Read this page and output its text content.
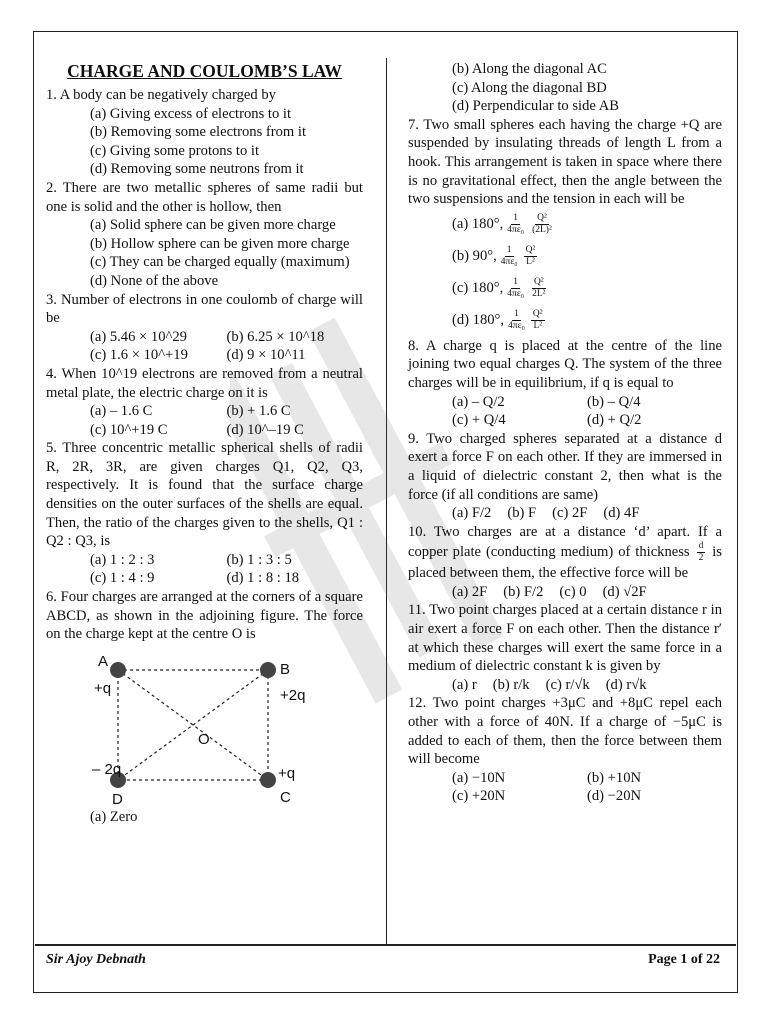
CHARGE AND COULOMB’S LAW

1. A body can be negatively charged by

(a) Giving excess of electrons to it

(b) Removing some electrons from it

(c) Giving some protons to it

(d) Removing some neutrons from it

2. There are two metallic spheres of same radii but one is solid and the other is hollow, then

(a) Solid sphere can be given more charge

(b) Hollow sphere can be given more charge

(c) They can be charged equally (maximum)

(d) None of the above

3. Number of electrons in one coulomb of charge will be

(a) 5.46 × 10^29	(b) 6.25 × 10^18
(c) 1.6 × 10^+19	(d) 9 × 10^11

4. When 10^19 electrons are removed from a neutral metal plate, the electric charge on it is

(a) – 1.6 C	(b) + 1.6 C
(c) 10^+19 C	(d) 10^–19 C

5. Three concentric metallic spherical shells of radii R, 2R, 3R, are given charges Q1, Q2, Q3, respectively. It is found that the surface charge densities on the outer surfaces of the shells are equal. Then, the ratio of the charges given to the shells, Q1 : Q2 : Q3, is

(a) 1 : 2 : 3	(b) 1 : 3 : 5
(c) 1 : 4 : 9	(d) 1 : 8 : 18

6. Four charges are arranged at the corners of a square ABCD, as shown in the adjoining figure. The force on the charge kept at the centre O is

A
+q
B
+2q
O
– 2q
D
+q
C

(a) Zero

(b) Along the diagonal AC

(c) Along the diagonal BD

(d) Perpendicular to side AB

7. Two small spheres each having the charge +Q are suspended by insulating threads of length L from a hook. This arrangement is taken in space where there is no gravitational effect, then the angle between the two suspensions and the tension in each will be

(a) 180°, $\frac{1}{\text{4πε₀}} \frac{\text{Q²}}{\text{(2L)²}}$
(b) 90°, $\frac{1}{\text{4πε₀}} \frac{\text{Q²}}{\text{L²}}$
(c) 180°, $\frac{1}{\text{4πε₀}} \frac{\text{Q²}}{\text{2L²}}$
(d) 180°, $\frac{1}{\text{4πε₀}} \frac{\text{Q²}}{\text{L²}}$

8. A charge q is placed at the centre of the line joining two equal charges Q. The system of the three charges will be in equilibrium, if q is equal to

(a) – Q/2	(b) – Q/4
(c) + Q/4	(d) + Q/2

9. Two charged spheres separated at a distance d exert a force F on each other. If they are immersed in a liquid of dielectric constant 2, then what is the force (if all conditions are same)

(a) F/2 (b) F (c) 2F (d) 4F

10. Two charges are at a distance ‘d’ apart. If a copper plate (conducting medium) of thickness $\frac{d}{2}$ is placed between them, the effective force will be

(a) 2F (b) F/2 (c) 0 (d) √2F

11. Two point charges placed at a certain distance r in air exert a force F on each other. Then the distance r′ at which these charges will exert the same force in a medium of dielectric constant k is given by

(a) r (b) r/k (c) r/√k (d) r√k

12. Two point charges +3μC and +8μC repel each other with a force of 40N. If a charge of −5μC is added to each of them, then the force between them will become

(a) −10N	(b) +10N
(c) +20N	(d) −20N
Sir Ajoy Debnath	Page 1 of 22
